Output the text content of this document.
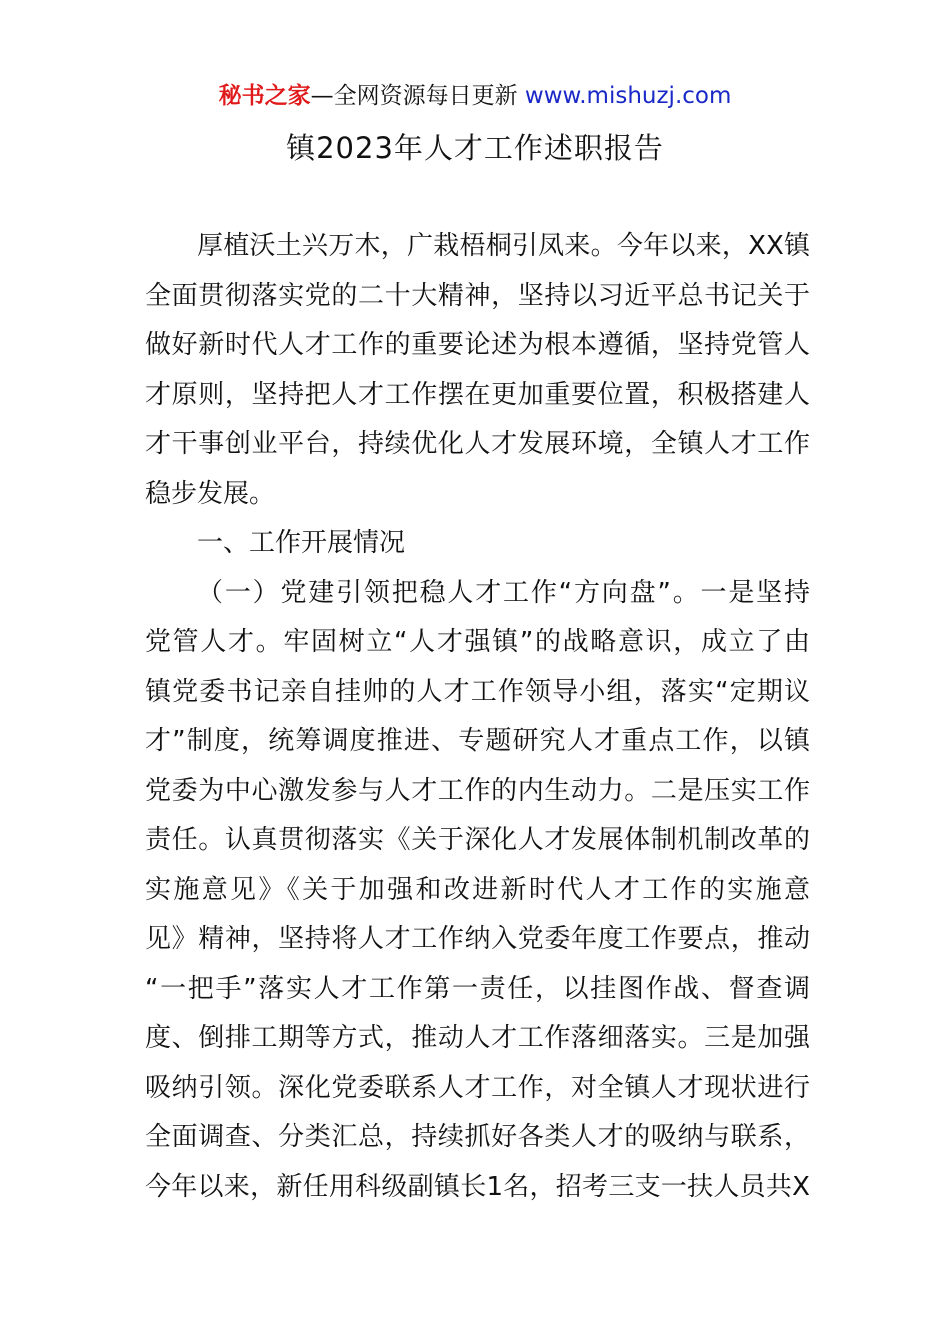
秘书之家—全网资源每日更新 www.mishuzj.com
镇2023年人才工作述职报告
厚植沃土兴万木，广栽梧桐引凤来。今年以来，XX镇
全面贯彻落实党的二十大精神，坚持以习近平总书记关于
做好新时代人才工作的重要论述为根本遵循，坚持党管人
才原则，坚持把人才工作摆在更加重要位置，积极搭建人
才干事创业平台，持续优化人才发展环境，全镇人才工作
稳步发展。
一、工作开展情况
（一）党建引领把稳人才工作“方向盘”。一是坚持
党管人才。牢固树立“人才强镇”的战略意识，成立了由
镇党委书记亲自挂帅的人才工作领导小组，落实“定期议
才”制度，统筹调度推进、专题研究人才重点工作，以镇
党委为中心激发参与人才工作的内生动力。二是压实工作
责任。认真贯彻落实《关于深化人才发展体制机制改革的
实施意见》《关于加强和改进新时代人才工作的实施意
见》精神，坚持将人才工作纳入党委年度工作要点，推动
“一把手”落实人才工作第一责任，以挂图作战、督查调
度、倒排工期等方式，推动人才工作落细落实。三是加强
吸纳引领。深化党委联系人才工作，对全镇人才现状进行
全面调查、分类汇总，持续抓好各类人才的吸纳与联系，
今年以来，新任用科级副镇长1名，招考三支一扶人员共X
